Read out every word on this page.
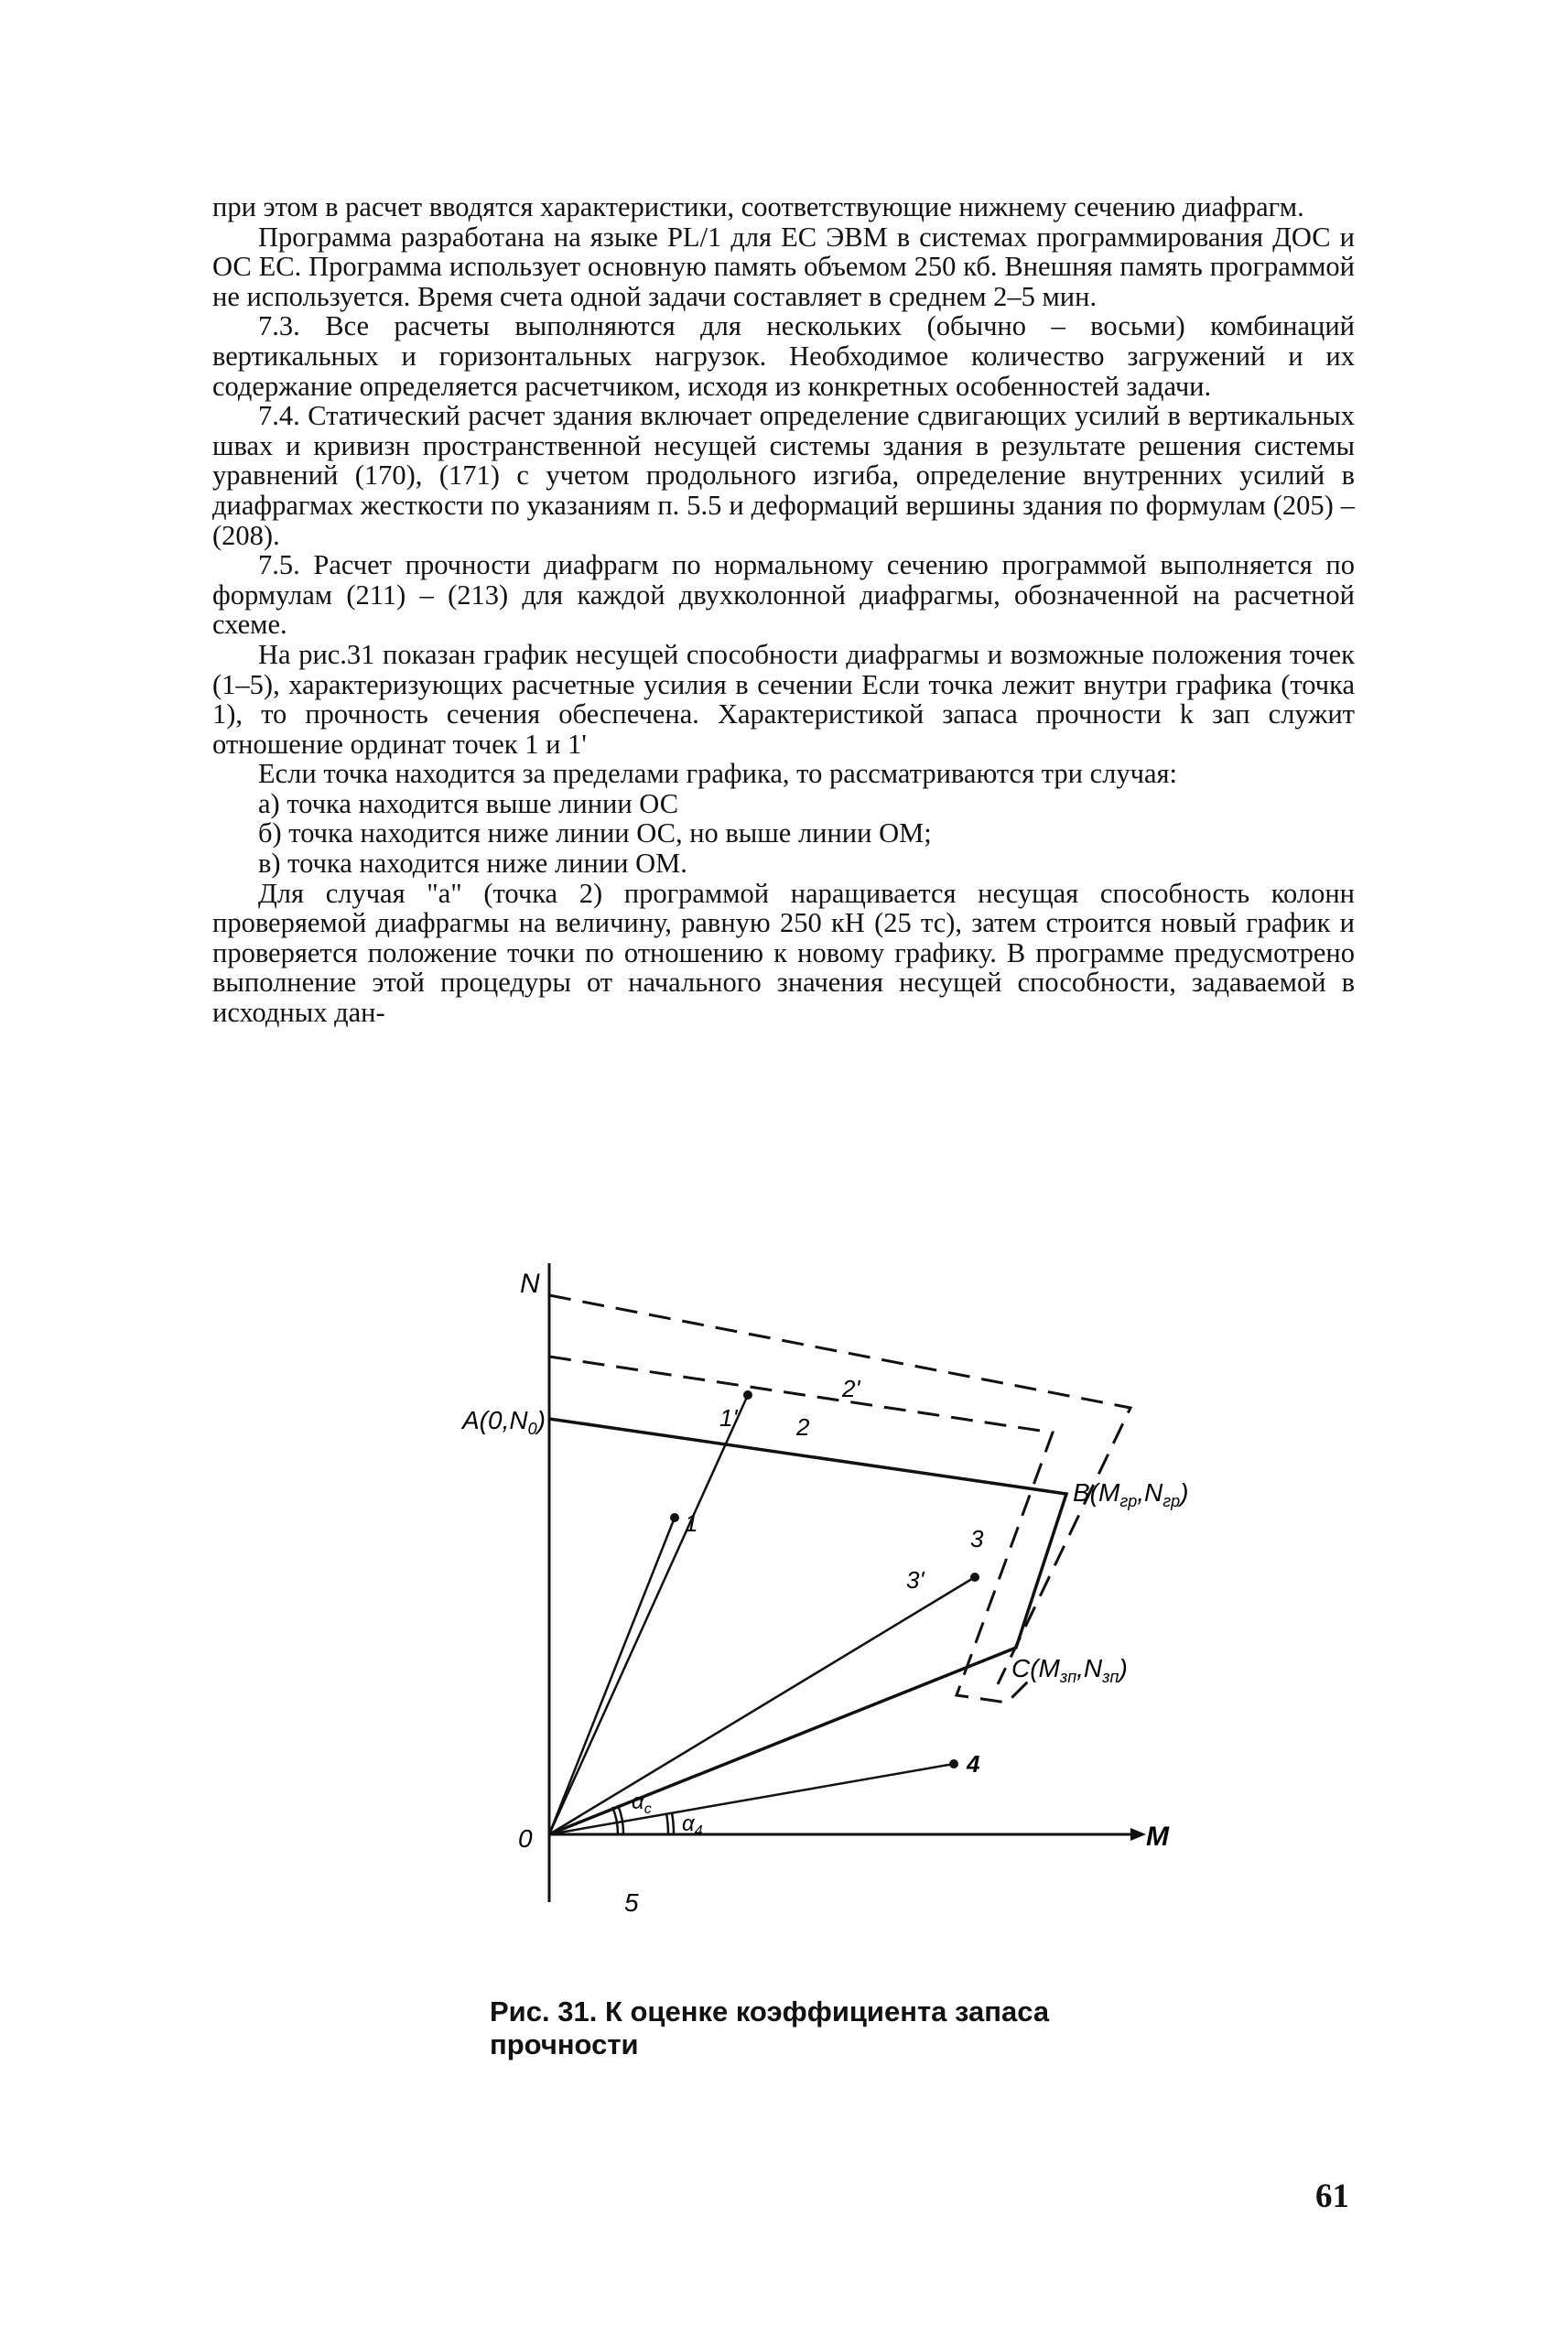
при этом в расчет вводятся характеристики, соответствующие нижнему сечению диафрагм.

Программа разработана на языке PL/1 для ЕС ЭВМ в системах программирования ДОС и ОС ЕС. Программа использует основную память объемом 250 кб. Внешняя память программой не используется. Время счета одной задачи составляет в среднем 2–5 мин.

7.3. Все расчеты выполняются для нескольких (обычно – восьми) комбинаций вертикальных и горизонтальных нагрузок. Необходимое количество загружений и их содержание определяется расчетчиком, исходя из конкретных особенностей задачи.

7.4. Статический расчет здания включает определение сдвигающих усилий в вертикальных швах и кривизн пространственной несущей системы здания в результате решения системы уравнений (170), (171) с учетом продольного изгиба, определение внутренних усилий в диафрагмах жесткости по указаниям п. 5.5 и деформаций вершины здания по формулам (205) – (208).

7.5. Расчет прочности диафрагм по нормальному сечению программой выполняется по формулам (211) – (213) для каждой двухколонной диафрагмы, обозначенной на расчетной схеме.

На рис.31 показан график несущей способности диафрагмы и возможные положения точек (1–5), характеризующих расчетные усилия в сечении Если точка лежит внутри графика (точка 1), то прочность сечения обеспечена. Характеристикой запаса прочности k зап служит отношение ординат точек 1 и 1'

Если точка находится за пределами графика, то рассматриваются три случая:

а) точка находится выше линии ОС

б) точка находится ниже линии ОС, но выше линии ОМ;

в) точка находится ниже линии ОМ.

Для случая "а" (точка 2) программой наращивается несущая способность колонн проверяемой диафрагмы на величину, равную 250 кН (25 тс), затем строится новый график и проверяется положение точки по отношению к новому графику. В программе предусмотрено выполнение этой процедуры от начального значения несущей способности, задаваемой в исходных дан-

N
M
0
$A(0,N_0)$
$B(M_{гр},N_{гр})$
$C(M_{зп},N_{зп})$
1
1' 2
2'
3
3'
4
5
$\alpha_c$
$\alpha_4$
Рис. 31. К оценке коэффициента запаса прочности
61
